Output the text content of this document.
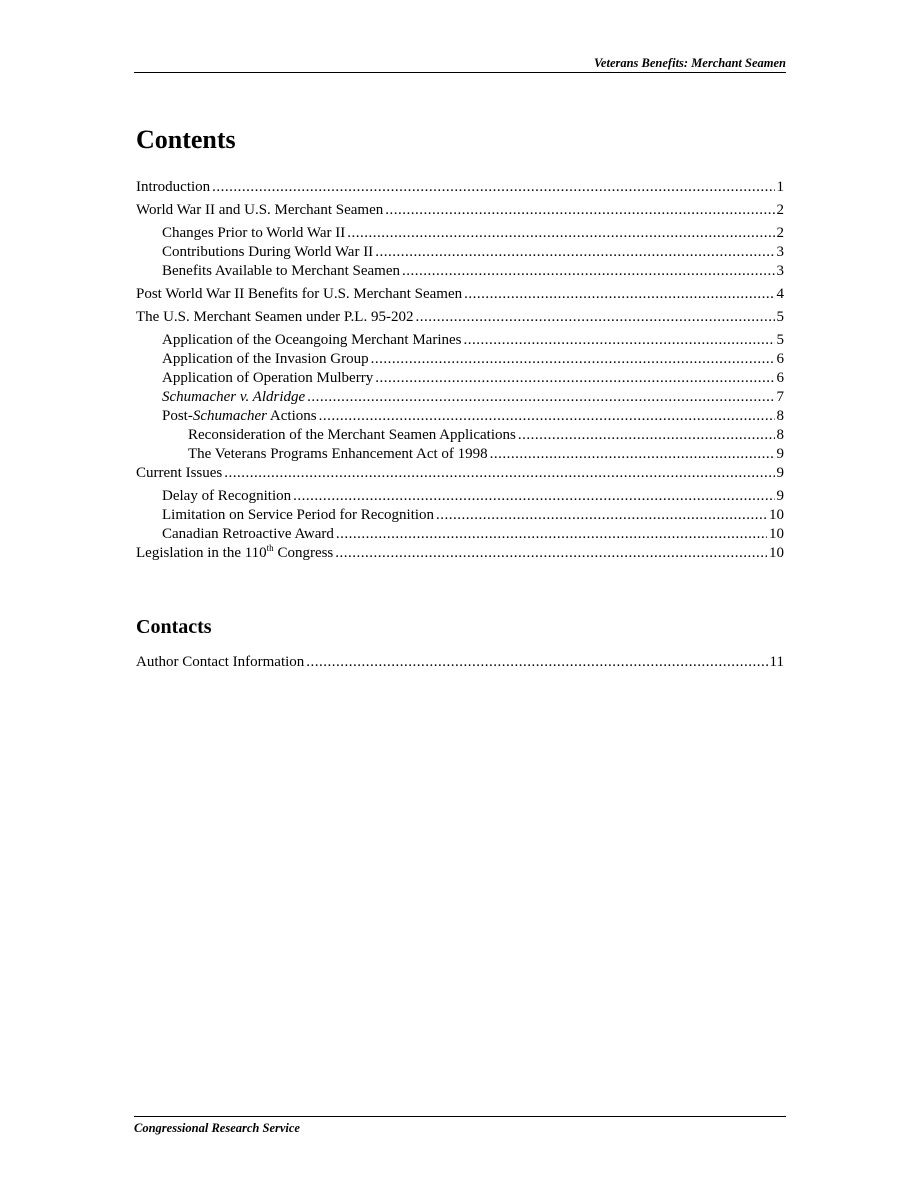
Veterans Benefits: Merchant Seamen
Contents
Introduction .....	1
World War II and U.S. Merchant Seamen .....	2
Changes Prior to World War II .....	2
Contributions During World War II .....	3
Benefits Available to Merchant Seamen .....	3
Post World War II Benefits for U.S. Merchant Seamen .....	4
The U.S. Merchant Seamen under P.L. 95-202 .....	5
Application of the Oceangoing Merchant Marines .....	5
Application of the Invasion Group .....	6
Application of Operation Mulberry .....	6
Schumacher v. Aldridge .....	7
Post-Schumacher Actions .....	8
Reconsideration of the Merchant Seamen Applications .....	8
The Veterans Programs Enhancement Act of 1998 .....	9
Current Issues .....	9
Delay of Recognition .....	9
Limitation on Service Period for Recognition .....	10
Canadian Retroactive Award .....	10
Legislation in the 110th Congress .....	10
Contacts
Author Contact Information .....	11
Congressional Research Service
